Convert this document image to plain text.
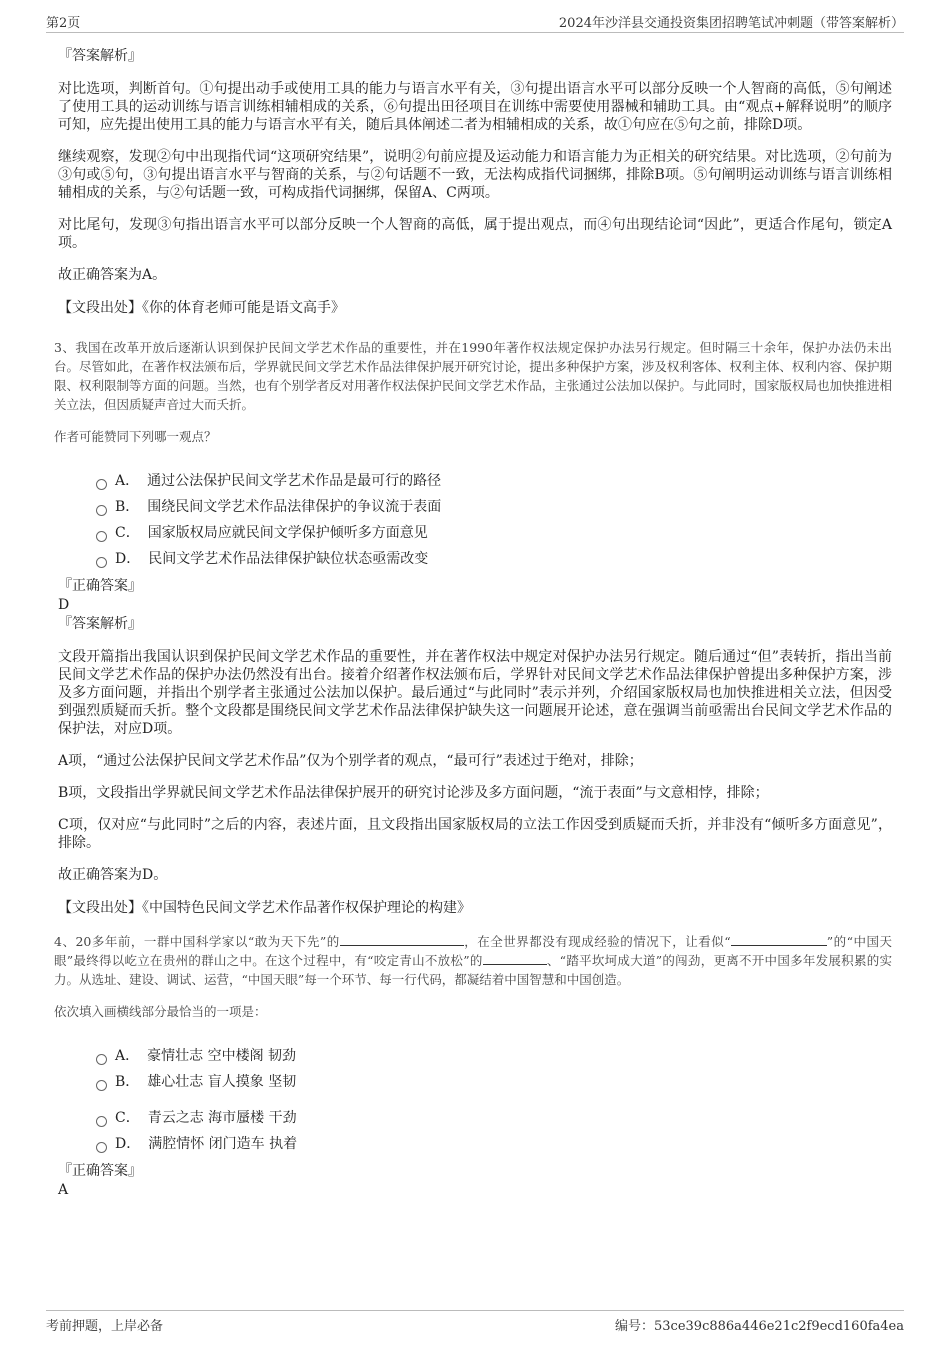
第2页	2024年沙洋县交通投资集团招聘笔试冲刺题（带答案解析）

『答案解析』

对比选项，判断首句。①句提出动手或使用工具的能力与语言水平有关，③句提出语言水平可以部分反映一个人智商的高低，⑤句阐述了使用工具的运动训练与语言训练相辅相成的关系，⑥句提出田径项目在训练中需要使用器械和辅助工具。由“观点+解释说明”的顺序可知，应先提出使用工具的能力与语言水平有关，随后具体阐述二者为相辅相成的关系，故①句应在⑤句之前，排除D项。

继续观察，发现②句中出现指代词“这项研究结果”，说明②句前应提及运动能力和语言能力为正相关的研究结果。对比选项，②句前为③句或⑤句，③句提出语言水平与智商的关系，与②句话题不一致，无法构成指代词捆绑，排除B项。⑤句阐明运动训练与语言训练相辅相成的关系，与②句话题一致，可构成指代词捆绑，保留A、C两项。

对比尾句，发现③句指出语言水平可以部分反映一个人智商的高低，属于提出观点，而④句出现结论词“因此”，更适合作尾句，锁定A项。

故正确答案为A。

【文段出处】《你的体育老师可能是语文高手》

3、我国在改革开放后逐渐认识到保护民间文学艺术作品的重要性，并在1990年著作权法规定保护办法另行规定。但时隔三十余年，保护办法仍未出台。尽管如此，在著作权法颁布后，学界就民间文学艺术作品法律保护展开研究讨论，提出多种保护方案，涉及权利客体、权利主体、权利内容、保护期限、权利限制等方面的问题。当然，也有个别学者反对用著作权法保护民间文学艺术作品，主张通过公法加以保护。与此同时，国家版权局也加快推进相关立法，但因质疑声音过大而夭折。

作者可能赞同下列哪一观点？

A． 通过公法保护民间文学艺术作品是最可行的路径
B． 围绕民间文学艺术作品法律保护的争议流于表面
C． 国家版权局应就民间文学保护倾听多方面意见
D． 民间文学艺术作品法律保护缺位状态亟需改变

『正确答案』

D

『答案解析』

文段开篇指出我国认识到保护民间文学艺术作品的重要性，并在著作权法中规定对保护办法另行规定。随后通过“但”表转折，指出当前民间文学艺术作品的保护办法仍然没有出台。接着介绍著作权法颁布后，学界针对民间文学艺术作品法律保护曾提出多种保护方案，涉及多方面问题，并指出个别学者主张通过公法加以保护。最后通过“与此同时”表示并列，介绍国家版权局也加快推进相关立法，但因受到强烈质疑而夭折。整个文段都是围绕民间文学艺术作品法律保护缺失这一问题展开论述，意在强调当前亟需出台民间文学艺术作品的保护法，对应D项。

A项，“通过公法保护民间文学艺术作品”仅为个别学者的观点，“最可行”表述过于绝对，排除；

B项，文段指出学界就民间文学艺术作品法律保护展开的研究讨论涉及多方面问题，“流于表面”与文意相悖，排除；

C项，仅对应“与此同时”之后的内容，表述片面，且文段指出国家版权局的立法工作因受到质疑而夭折，并非没有“倾听多方面意见”，排除。

故正确答案为D。

【文段出处】《中国特色民间文学艺术作品著作权保护理论的构建》

4、20多年前，一群中国科学家以“敢为天下先”的	，在全世界都没有现成经验的情况下，让看似“	”的“中国天眼”最终得以屹立在贵州的群山之中。在这个过程中，有“咬定青山不放松”的	、“踏平坎坷成大道”的闯劲，更离不开中国多年发展积累的实力。从选址、建设、调试、运营，“中国天眼”每一个环节、每一行代码，都凝结着中国智慧和中国创造。

依次填入画横线部分最恰当的一项是：

A． 豪情壮志 空中楼阁 韧劲
B． 雄心壮志 盲人摸象 坚韧
C． 青云之志 海市蜃楼 干劲
D． 满腔情怀 闭门造车 执着

『正确答案』

A

考前押题，上岸必备	编号：53ce39c886a446e21c2f9ecd160fa4ea
